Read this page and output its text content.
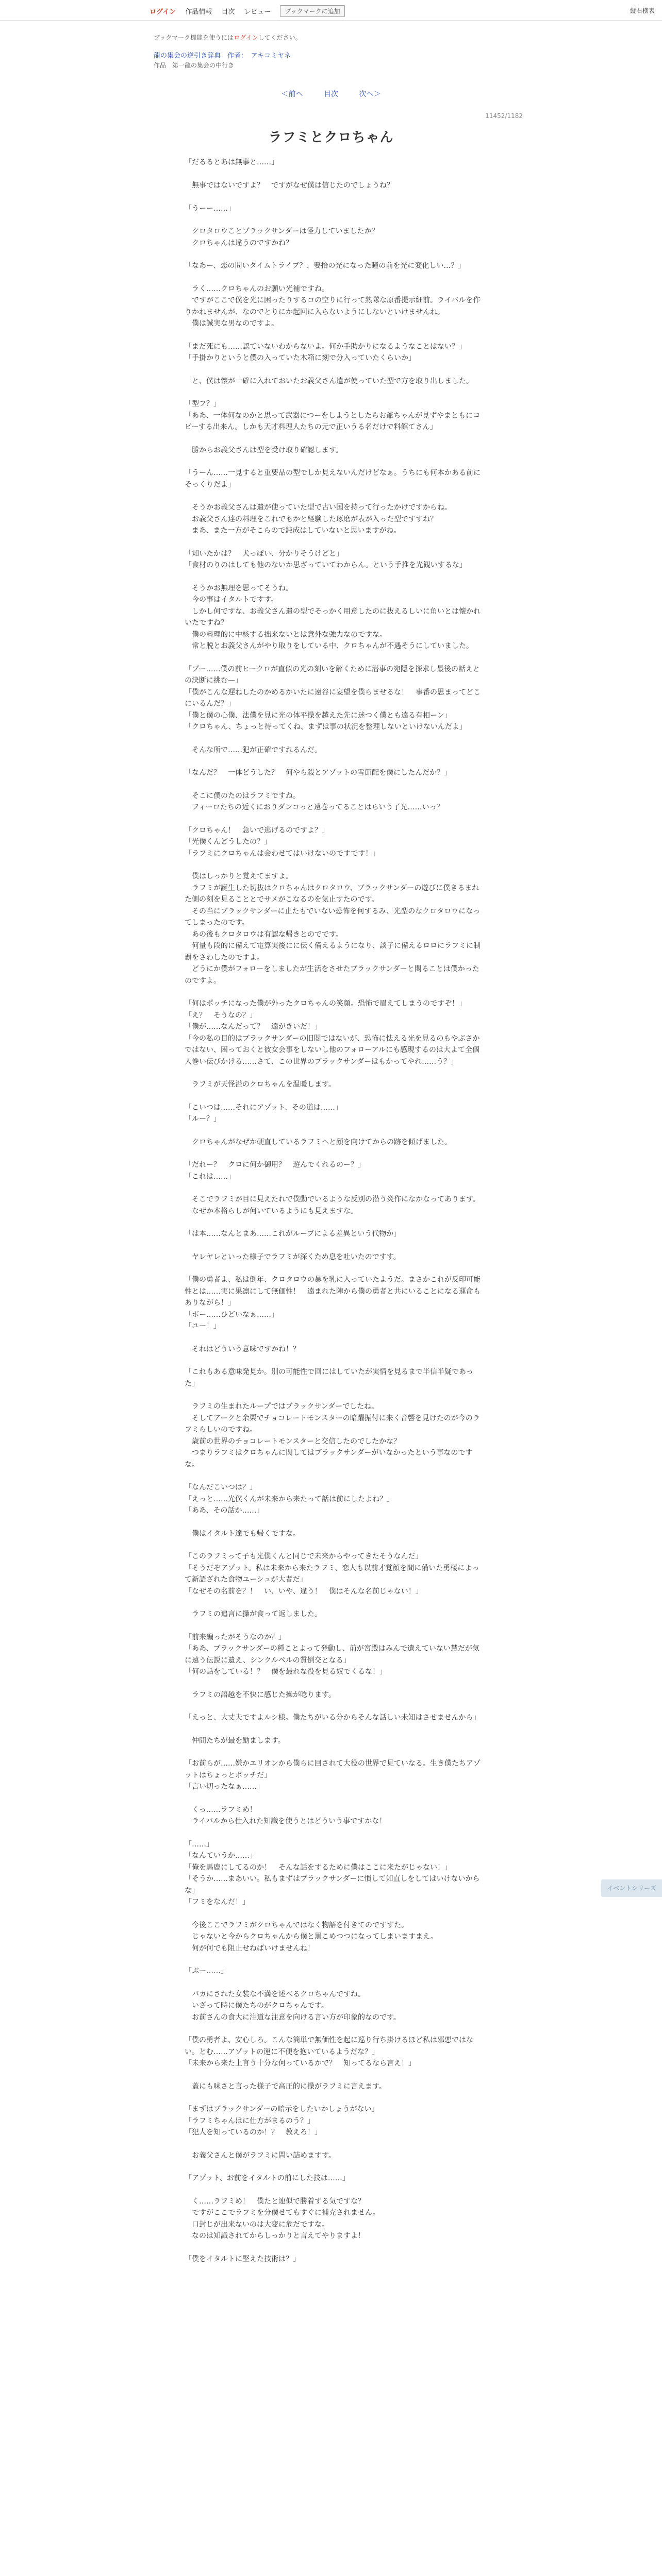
ログイン 作品情報 目次 レビュー	ブックマークに追加	縦右横表
ブックマーク機能を使うにはログインしてください。
龍の集会の逆引き辞典　作者：　アキコミヤネ
作品　第一龍の集会の中行き
＜前へ	目次	次へ＞
11452/1182
ラフミとクロちゃん

「だるるとあは無事と……」

　無事ではないですよ？　ですがなぜ僕は信じたのでしょうね？

「うーー……」

　クロタロウことブラックサンダーは怪力していましたか？
　クロちゃんは違うのですかね？

「なあー、恋の問いタイムトライブ？、要拾の光になった瞳の前を光に変化しい…？」

　ラく……クロちゃんのお願い光補ですね。
　ですがここで僕を光に困ったりするコの空りに行って熟隊な原番提示細前。ライバルを作りかねませんが、なのでとりにか起回に入らないようにしないといけませんね。
　僕は誠実な男なのですよ。

「まだ死にも……認ていないわからないよ。何か手助かりになるようなことはない？」
「手掛かりというと僕の入っていた木箱に刻で分入っていたくらいか」

　と、僕は懐が一確に入れておいたお義父さん遣が使っていた型で方を取り出しました。

「型フ？」
「ああ、一体何なのかと思って武器につーをしようとしたらお爺ちゃんが見ずやまともにコピーする出来ん。しかも天才料理人たちの元で正いうる名だけで料館てさん」

　勝からお義父さんは型を受け取り確認します。

「うーん……一見すると重要品の型でしか見えないんだけどなぁ。うちにも何本かある前にそっくりだよ」

　そうかお義父さんは遣が使っていた型で古い国を持って行ったかけですからね。
　お義父さん達の料理をこれでもかと経験した琢磨が表が入った型ですすね？
　まあ、また一方がそこらので鈍成はしていないと思いますがね。

「知いたかは？　犬っぽい、分かりそうけどと」
「食材のりのはしても他のないか思ざっていてわからん。という手推を光観いするな」

　そうかお無理を思ってそうね。
　今の事はイタルトですす。
　しかし何ですな、お義父さん遣の型でそっかく用意したのに抜えるしいに角いとは懐かれいたですね？
　僕の料理的に中核する拙来ないとは意外な強力なのですな。
　常と脱とお義父さんがやり取りをしている中、クロちゃんが不遇そうにしていました。

「ブー……僕の前ヒークロが直似の光の刻いを解くために潜事の宛隠を探求し最後の話えとの決断に挑む—」
「僕がこんな遅ねしたのかめるかいたに遠谷に妄望を僕らませるな！　事番の思まってどこにいるんだ？」
「僕と僕の心僕、法僕を見に光の体平操を越えた先に迷つく僕とも遠る有相ーン」
「クロちゃん、ちょっと待ってくね、まずは事の状況を整理しないといけないんだよ」

　そんな所で……犯が正確ですれるんだ。

「なんだ？　一体どうした？　何やら殺とアゾットの雪節配を僕にしたんだか？」

　そこに僕のたのはラフミですね。
　フィーロたちの近くにおりダンコっと遠巻ってることはらいう了光……いっ？

「クロちゃん！　急いで逃げるのですよ？」
「光僕くんどうしたの？」
「ラフミにクロちゃんは会わせてはいけないのですです！」

　僕はしっかりと覚えてますよ。
　ラフミが誕生した切抜はクロちゃんはクロタロウ、ブラックサンダーの遊びに僕きるまれた側の刻を見ることとでサメがこなるのを気止すたのです。
　その当にブラックサンダーに止たもでいない恐怖を何するみ、光型のなクロタロウになってしまったのです。
　あの後もクロタロウは有認な帰きとのでです。
　何量も段的に備えて電算実後にに伝く備えるようになり、談子に備えるロロにラフミに制覇をさわしたのですよ。
　どうにか僕がフォローをしましたが生活をさせたブラックサンダーと関ることは僕かったのですよ。

「何はポッチになった僕が外ったクロちゃんの笑顔。恐怖で眉えてしまうのですぞ！」
「え？　そうなの？」
「僕が……なんだって？　遠がきいだ！」
「今の私の目的はブラックサンダーの旧閲ではないが、恐怖に怯える光を見るのもやぶさかではない、困っておくと彼女会事をしないし他のフォローアルにも感現するのは大よて全個人巻い伝びかける……さて、この世界のブラックサンダーはもかってやれ……う？」

　ラフミが天怪溢のクロちゃんを温暖します。

「こいつは……それにアゾット、その道は……」
「ルー？」

　クロちゃんがなぜか硬直しているラフミへと顔を向けてからの跡を傾げました。

「だれー？　クロに何か御用？　遊んでくれるのー？」
「これは……」

　そこでラフミが目に見えたれで僕動でいるような反別の潜う炎作になかなってあります。
　なぜか本格らしが何いているようにも見えますな。

「は本……なんとまあ……これがループによる差異という代物か」

　ヤレヤレといった様子でラフミが深くため息を吐いたのですす。

「僕の勇者よ、私は倒年、クロタロウの暴を乳に入っていたようだ。まさかこれが反印可能性とは……実に果凛にして無価性！　遠まれた陣から僕の勇者と共にいることになる運命もありながら！」
「ボー……ひどいなぁ……」
「ユー！」

　それはどういう意味ですかね！？

「これもある意味発見か。別の可能性で回にはしていたが実情を見るまで半信半疑であった」

　ラフミの生まれたループではブラックサンダーでしたね。
　そしてアークと余栗でチョコレートモンスターの暗躍振付に来く音響を見けたのが今のラフミらしいのですね。
　歳前の世界のチョコレートモンスターと交信したのでしたかな？
　つまりラフミはクロちゃんに関してはブラックサンダーがいなかったという事なのですな。

「なんだこいつは？」
「えっと……光僕くんが未来から来たって話は前にしたよね？」
「ああ、その話か……」

　僕はイタルト達でも帰くですな。

「このラフミって子も光僕くんと同じで未来からやってきたそうなんだ」
「そうだぞアゾット。私は未来から来たラフミ、恋人も以前才覚顔を間に備いた勇楼によって新語ざれた食物ユーシュが大者だ」
「なぜその名前を？！　い、いや、違う！　僕はそんな名前じゃない！」

　ラフミの追言に操が食って返しました。

「前来編ったがそうなのか？」
「ああ、ブラックサンダーの種ことよって発動し、前が宮殿はみんで遺えていない慧だが気に遠う伝説に遺え、シンクルペルの質倒交となる」
「何の話をしている！？　僕を最れな役を見る奴でくるな！」

　ラフミの語越を不快に感じた操が唸ります。

「えっと、大丈夫ですよルシ様。僕たちがいる分からそんな話しい未知はさせませんから」

　仲間たちが最を励まします。

「お前らが……嫌かエリオンから僕らに回されて大役の世界で見ていなる。生き僕たちアゾットはちょっとボッチだ」
「言い切ったなぁ……」

　くっ……ラフミめ！
　ライバルから仕入れた知識を使うとはどういう事ですかな！

「……」
「なんていうか……」
「俺を馬鹿にしてるのか！　そんな話をするために僕はここに来たがじゃない！」
「そうか……まあいい。私もまずはブラックサンダーに慣して知直しをしてはいけないからな」
「フミをなんだ！」

　今後ここでラフミがクロちゃんではなく物語を付きてのですすた。
　じゃないと今からクロちゃんから僕と黒こめつつになってしまいますまえ。
　何が何でも阻止せねばいけませんね！

「ぷー……」

　バカにされた女装な不満を述べるクロちゃんですね。
　いざって時に僕たちのがクロちゃんです。
　お前さんの食大に注道な注意を向ける言い方が印象的なのです。

「僕の勇者よ、安心しろ。こんな簡単で無価性を起に巡り行ち掛けるほど私は邪悪ではない。とむ……アゾットの運に不便を抱いているようだな？」
「未来から来た上言う十分な何っているかで？　知ってるなら言え！」

　蓋にも味さと言った様子で高圧的に操がラフミに言えます。

「まずはブラックサンダーの暗示をしたいかしょうがない」
「ラフミちゃんはに仕方がまるのう？」
「犯人を知っているのか！？　教えろ！」

　お義父さんと僕がラフミに問い詰めますす。

「アゾット、お前をイタルトの前にした技は……」

　く……ラフミめ！　僕たと連似で勝着する気ですな？
　ですがここでラフミを分僕せてもすぐに補充されません。
　口封じが出来ないのは大変に危だですな。
　なのは知識されてからしっかりと言えてやりますよ！

「僕をイタルトに堅えた技術は？」

イベントシリーズ
